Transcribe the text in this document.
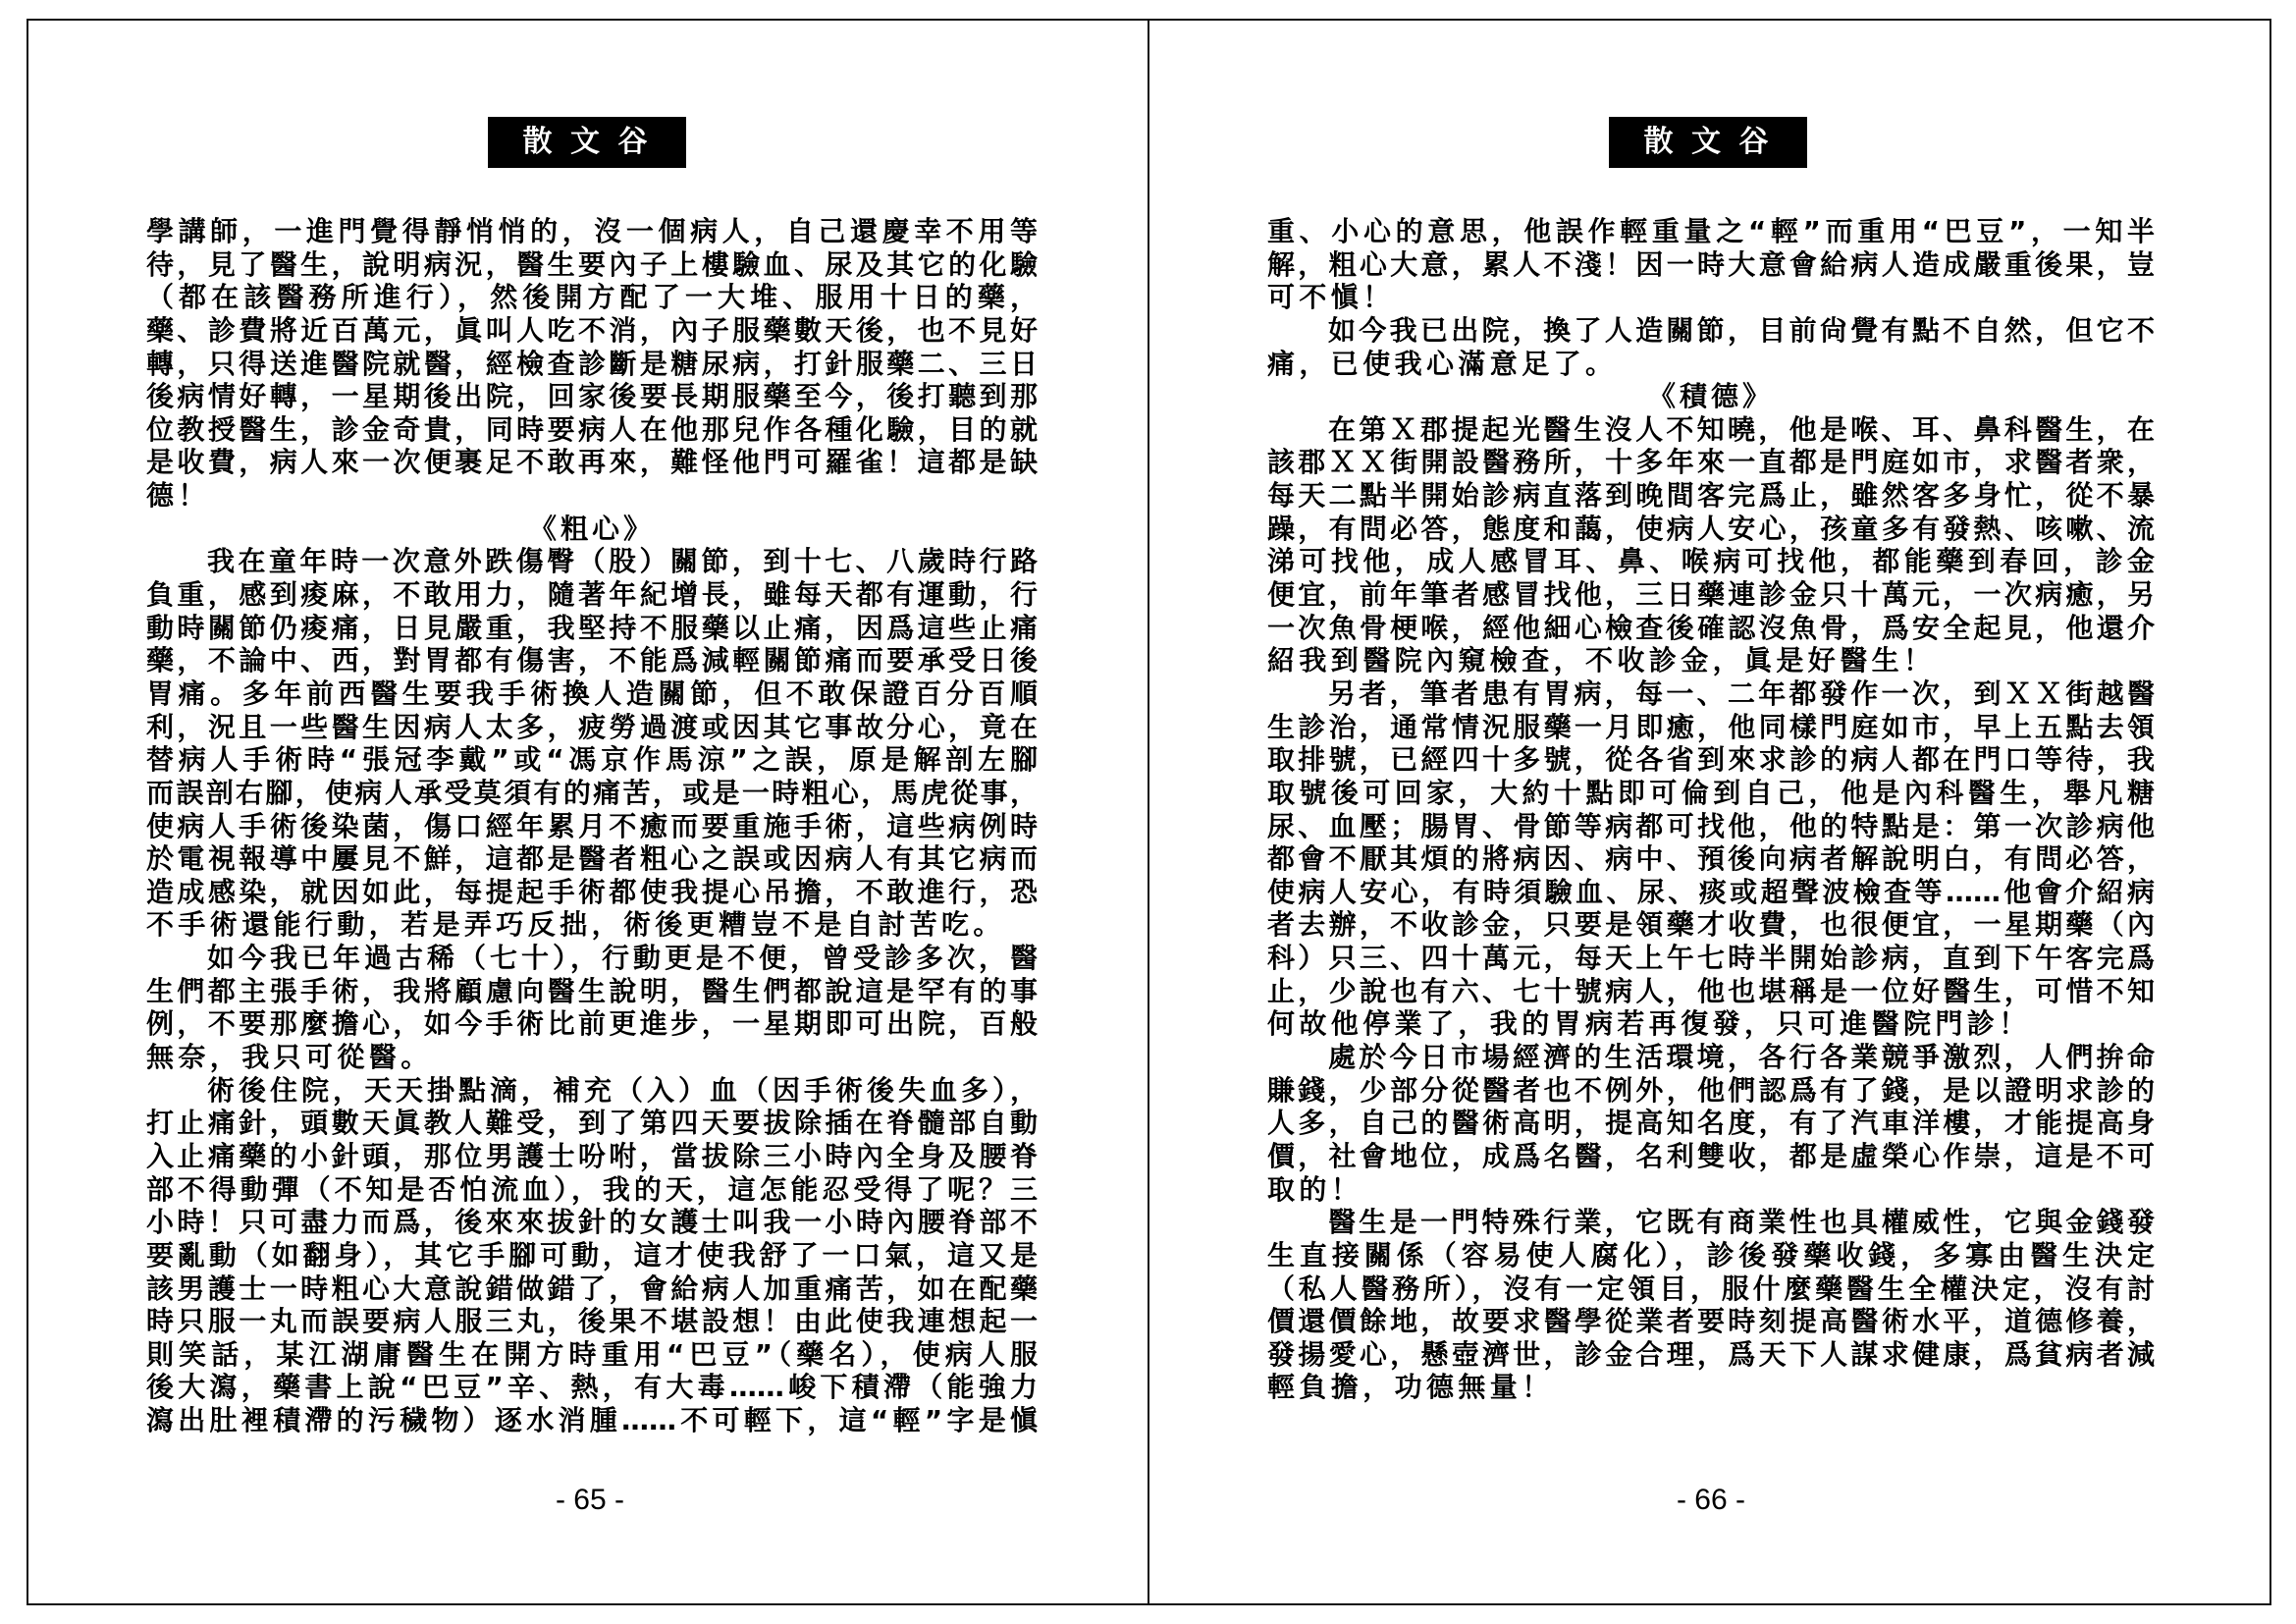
散 文 谷
學講師，一進門覺得靜悄悄的，沒一個病人，自己還慶幸不用等
待，見了醫生，說明病況，醫生要內子上樓驗血、尿及其它的化驗
（都在該醫務所進行），然後開方配了一大堆、服用十日的藥，
藥、診費將近百萬元，眞叫人吃不消，內子服藥數天後，也不見好
轉，只得送進醫院就醫，經檢查診斷是糖尿病，打針服藥二、三日
後病情好轉，一星期後出院，回家後要長期服藥至今，後打聽到那
位教授醫生，診金奇貴，同時要病人在他那兒作各種化驗，目的就
是收費，病人來一次便裹足不敢再來，難怪他門可羅雀！這都是缺
德！
《粗心》
我在童年時一次意外跌傷臀（股）關節，到十七、八歲時行路
負重，感到痠麻，不敢用力，隨著年紀增長，雖每天都有運動，行
動時關節仍痠痛，日見嚴重，我堅持不服藥以止痛，因爲這些止痛
藥，不論中、西，對胃都有傷害，不能爲減輕關節痛而要承受日後
胃痛。多年前西醫生要我手術換人造關節，但不敢保證百分百順
利，況且一些醫生因病人太多，疲勞過渡或因其它事故分心，竟在
替病人手術時“張冠李戴”或“馮京作馬涼”之誤，原是解剖左腳
而誤剖右腳，使病人承受莫須有的痛苦，或是一時粗心，馬虎從事，
使病人手術後染菌，傷口經年累月不癒而要重施手術，這些病例時
於電視報導中屢見不鮮，這都是醫者粗心之誤或因病人有其它病而
造成感染，就因如此，每提起手術都使我提心吊擔，不敢進行，恐
不手術還能行動，若是弄巧反拙，術後更糟豈不是自討苦吃。
如今我已年過古稀（七十），行動更是不便，曾受診多次，醫
生們都主張手術，我將顧慮向醫生說明，醫生們都說這是罕有的事
例，不要那麼擔心，如今手術比前更進步，一星期即可出院，百般
無奈，我只可從醫。
術後住院，天天掛點滴，補充（入）血（因手術後失血多），
打止痛針，頭數天眞教人難受，到了第四天要拔除插在脊髓部自動
入止痛藥的小針頭，那位男護士吩咐，當拔除三小時內全身及腰脊
部不得動彈（不知是否怕流血），我的天，這怎能忍受得了呢？三
小時！只可盡力而爲，後來來拔針的女護士叫我一小時內腰脊部不
要亂動（如翻身），其它手腳可動，這才使我舒了一口氣，這又是
該男護士一時粗心大意說錯做錯了，會給病人加重痛苦，如在配藥
時只服一丸而誤要病人服三丸，後果不堪設想！由此使我連想起一
則笑話，某江湖庸醫生在開方時重用“巴豆”（藥名），使病人服
後大瀉，藥書上說“巴豆”辛、熱，有大毒……峻下積滯（能強力
瀉出肚裡積滯的污穢物）逐水消腫……不可輕下，這“輕”字是愼
- 65 -
散 文 谷
重、小心的意思，他誤作輕重量之“輕”而重用“巴豆”，一知半
解，粗心大意，累人不淺！因一時大意會給病人造成嚴重後果，豈
可不愼！
如今我已出院，換了人造關節，目前尙覺有點不自然，但它不
痛，已使我心滿意足了。
《積德》
在第Ｘ郡提起光醫生沒人不知曉，他是喉、耳、鼻科醫生，在
該郡ＸＸ街開設醫務所，十多年來一直都是門庭如市，求醫者衆，
每天二點半開始診病直落到晚間客完爲止，雖然客多身忙，從不暴
躁，有問必答，態度和藹，使病人安心，孩童多有發熱、咳嗽、流
涕可找他，成人感冒耳、鼻、喉病可找他，都能藥到春回，診金
便宜，前年筆者感冒找他，三日藥連診金只十萬元，一次病癒，另
一次魚骨梗喉，經他細心檢查後確認沒魚骨，爲安全起見，他還介
紹我到醫院內窺檢查，不收診金，眞是好醫生！
另者，筆者患有胃病，每一、二年都發作一次，到ＸＸ街越醫
生診治，通常情況服藥一月即癒，他同樣門庭如市，早上五點去領
取排號，已經四十多號，從各省到來求診的病人都在門口等待，我
取號後可回家，大約十點即可倫到自己，他是內科醫生，舉凡糖
尿、血壓；腸胃、骨節等病都可找他，他的特點是：第一次診病他
都會不厭其煩的將病因、病中、預後向病者解說明白，有問必答，
使病人安心，有時須驗血、尿、痰或超聲波檢查等……他會介紹病
者去辦，不收診金，只要是領藥才收費，也很便宜，一星期藥（內
科）只三、四十萬元，每天上午七時半開始診病，直到下午客完爲
止，少說也有六、七十號病人，他也堪稱是一位好醫生，可惜不知
何故他停業了，我的胃病若再復發，只可進醫院門診！
處於今日市場經濟的生活環境，各行各業競爭激烈，人們拚命
賺錢，少部分從醫者也不例外，他們認爲有了錢，是以證明求診的
人多，自己的醫術高明，提高知名度，有了汽車洋樓，才能提高身
價，社會地位，成爲名醫，名利雙收，都是虛榮心作崇，這是不可
取的！
醫生是一門特殊行業，它既有商業性也具權威性，它與金錢發
生直接關係（容易使人腐化），診後發藥收錢，多寡由醫生決定
（私人醫務所），沒有一定領目，服什麼藥醫生全權決定，沒有討
價還價餘地，故要求醫學從業者要時刻提高醫術水平，道德修養，
發揚愛心，懸壺濟世，診金合理，爲天下人謀求健康，爲貧病者減
輕負擔，功德無量！
- 66 -
